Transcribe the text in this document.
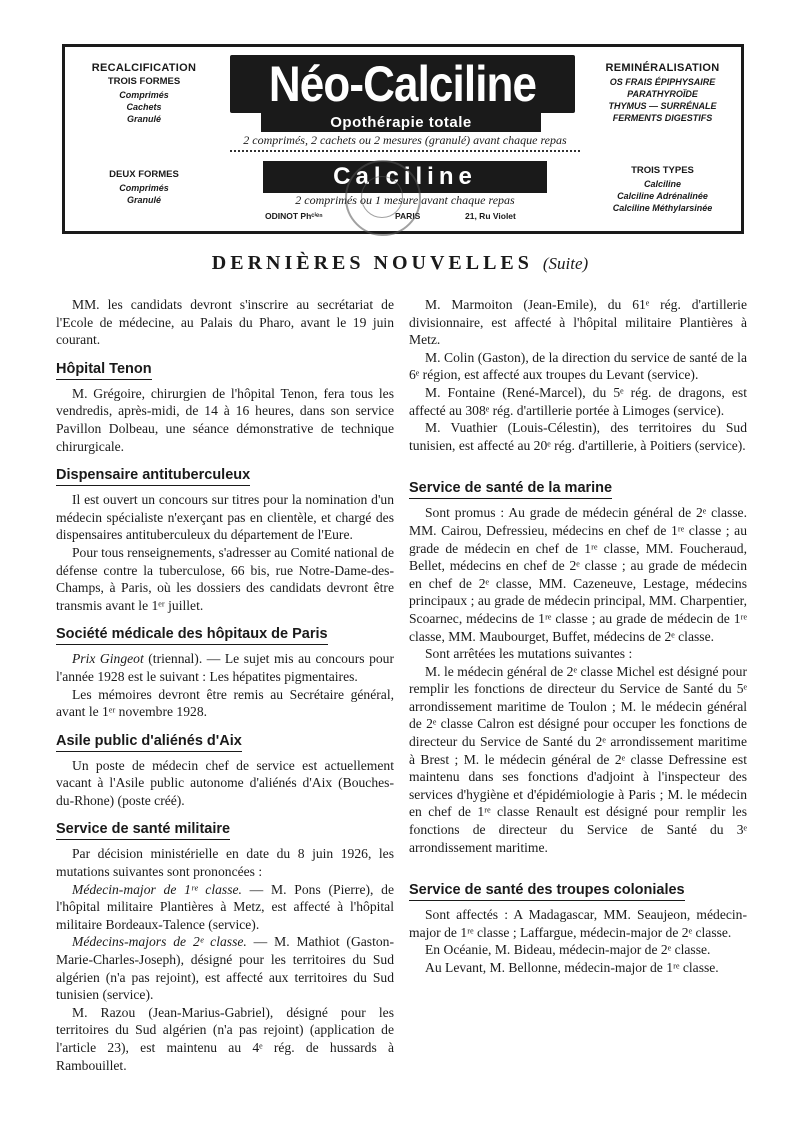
RECALCIFICATION
TROIS FORMES
Comprimés
Cachets
Granulé
DEUX FORMES
Comprimés
Granulé
REMINÉRALISATION
OS FRAIS ÉPIPHYSAIRE
PARATHYROÏDE
THYMUS — SURRÉNALE
FERMENTS DIGESTIFS
TROIS TYPES
Calciline
Calciline Adrénalinée
Calciline Méthylarsinée
Néo-Calciline
Opothérapie totale
2 comprimés, 2 cachets ou 2 mesures (granulé) avant chaque repas
Calciline
2 comprimés ou 1 mesure avant chaque repas
ODINOT Phᶜⁱᵉⁿ	PARIS	21, Ru Violet
DERNIÈRES NOUVELLES (Suite)

MM. les candidats devront s'inscrire au secrétariat de l'Ecole de médecine, au Palais du Pharo, avant le 19 juin courant.

Hôpital Tenon

M. Grégoire, chirurgien de l'hôpital Tenon, fera tous les vendredis, après-midi, de 14 à 16 heures, dans son service Pavillon Dolbeau, une séance démonstrative de technique chirurgicale.

Dispensaire antituberculeux

Il est ouvert un concours sur titres pour la nomination d'un médecin spécialiste n'exerçant pas en clientèle, et chargé des dispensaires antituberculeux du département de l'Eure.

Pour tous renseignements, s'adresser au Comité national de défense contre la tuberculose, 66 bis, rue Notre-Dame-des-Champs, à Paris, où les dossiers des candidats devront être transmis avant le 1ᵉʳ juillet.

Société médicale des hôpitaux de Paris

Prix Gingeot (triennal). — Le sujet mis au concours pour l'année 1928 est le suivant : Les hépatites pigmentaires.

Les mémoires devront être remis au Secrétaire général, avant le 1ᵉʳ novembre 1928.

Asile public d'aliénés d'Aix

Un poste de médecin chef de service est actuellement vacant à l'Asile public autonome d'aliénés d'Aix (Bouches-du-Rhone) (poste créé).

Service de santé militaire

Par décision ministérielle en date du 8 juin 1926, les mutations suivantes sont prononcées :

Médecin-major de 1ʳᵉ classe. — M. Pons (Pierre), de l'hôpital militaire Plantières à Metz, est affecté à l'hôpital militaire Bordeaux-Talence (service).

Médecins-majors de 2ᵉ classe. — M. Mathiot (Gaston-Marie-Charles-Joseph), désigné pour les territoires du Sud algérien (n'a pas rejoint), est affecté aux territoires du Sud tunisien (service).

M. Razou (Jean-Marius-Gabriel), désigné pour les territoires du Sud algérien (n'a pas rejoint) (application de l'article 23), est maintenu au 4ᵉ rég. de hussards à Rambouillet.

M. Marmoiton (Jean-Emile), du 61ᵉ rég. d'artillerie divisionnaire, est affecté à l'hôpital militaire Plantières à Metz.

M. Colin (Gaston), de la direction du service de santé de la 6ᵉ région, est affecté aux troupes du Levant (service).

M. Fontaine (René-Marcel), du 5ᵉ rég. de dragons, est affecté au 308ᵉ rég. d'artillerie portée à Limoges (service).

M. Vuathier (Louis-Célestin), des territoires du Sud tunisien, est affecté au 20ᵉ rég. d'artillerie, à Poitiers (service).

Service de santé de la marine

Sont promus : Au grade de médecin général de 2ᵉ classe. MM. Cairou, Defressieu, médecins en chef de 1ʳᵉ classe ; au grade de médecin en chef de 1ʳᵉ classe, MM. Foucheraud, Bellet, médecins en chef de 2ᵉ classe ; au grade de médecin en chef de 2ᵉ classe, MM. Cazeneuve, Lestage, médecins principaux ; au grade de médecin principal, MM. Charpentier, Scoarnec, médecins de 1ʳᵉ classe ; au grade de médecin de 1ʳᵉ classe, MM. Maubourget, Buffet, médecins de 2ᵉ classe.

Sont arrêtées les mutations suivantes :

M. le médecin général de 2ᵉ classe Michel est désigné pour remplir les fonctions de directeur du Service de Santé du 5ᵉ arrondissement maritime de Toulon ; M. le médecin général de 2ᵉ classe Calron est désigné pour occuper les fonctions de directeur du Service de Santé du 2ᵉ arrondissement maritime à Brest ; M. le médecin général de 2ᵉ classe Defressine est maintenu dans ses fonctions d'adjoint à l'inspecteur des services d'hygiène et d'épidémiologie à Paris ; M. le médecin en chef de 1ʳᵉ classe Renault est désigné pour remplir les fonctions de directeur du Service de Santé du 3ᵉ arrondissement maritime.

Service de santé des troupes coloniales

Sont affectés : A Madagascar, MM. Seaujeon, médecin-major de 1ʳᵉ classe ; Laffargue, médecin-major de 2ᵉ classe.

En Océanie, M. Bideau, médecin-major de 2ᵉ classe.

Au Levant, M. Bellonne, médecin-major de 1ʳᵉ classe.
